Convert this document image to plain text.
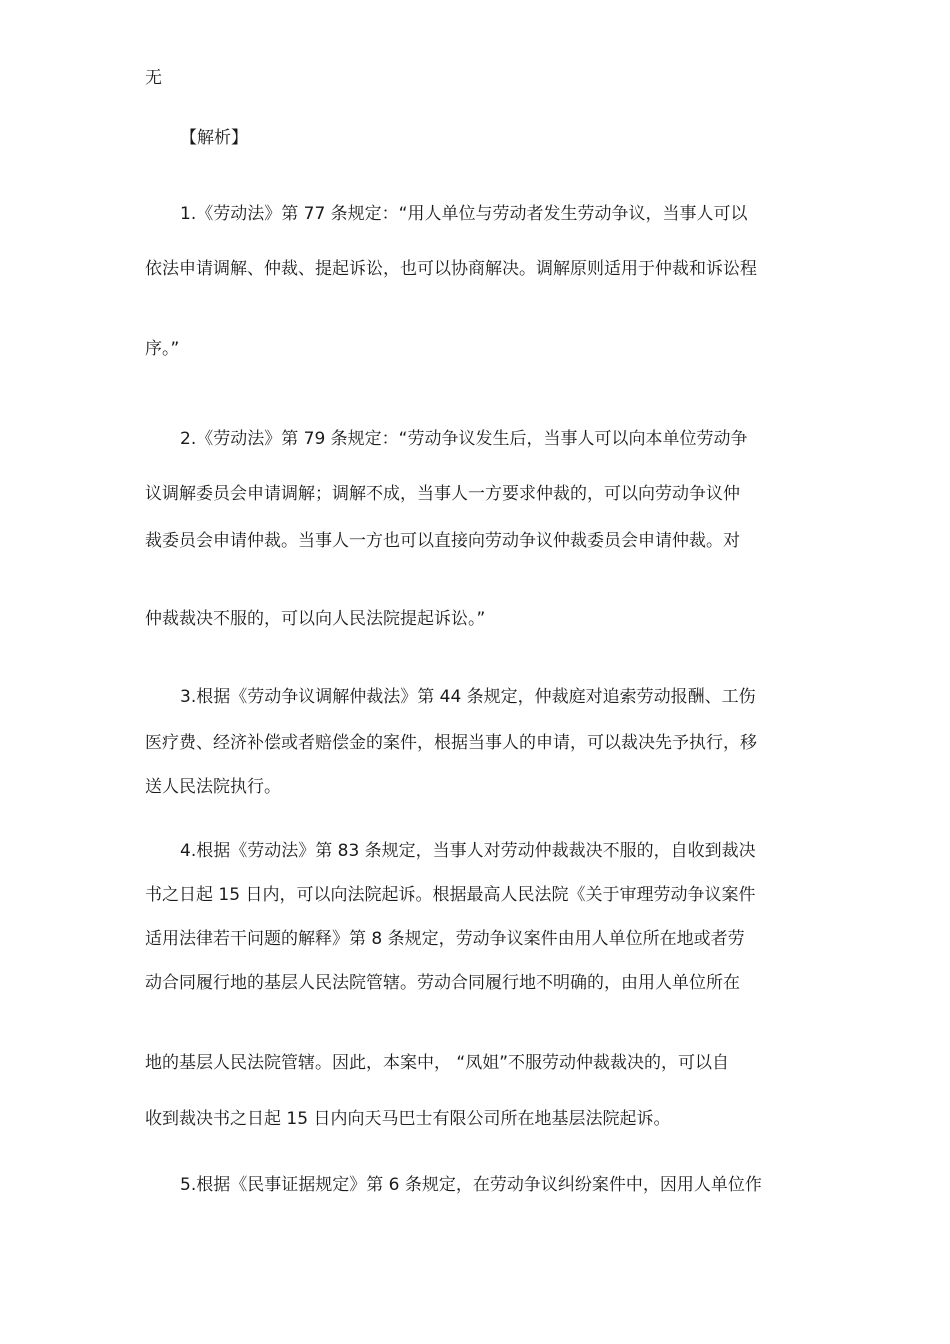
无
【解析】
1.《劳动法》第 77 条规定：“用人单位与劳动者发生劳动争议，当事人可以
依法申请调解、仲裁、提起诉讼，也可以协商解决。调解原则适用于仲裁和诉讼程
序。”
2.《劳动法》第 79 条规定：“劳动争议发生后，当事人可以向本单位劳动争
议调解委员会申请调解；调解不成，当事人一方要求仲裁的，可以向劳动争议仲
裁委员会申请仲裁。当事人一方也可以直接向劳动争议仲裁委员会申请仲裁。对
仲裁裁决不服的，可以向人民法院提起诉讼。”
3.根据《劳动争议调解仲裁法》第 44 条规定，仲裁庭对追索劳动报酬、工伤
医疗费、经济补偿或者赔偿金的案件，根据当事人的申请，可以裁决先予执行，移
送人民法院执行。
4.根据《劳动法》第 83 条规定，当事人对劳动仲裁裁决不服的，自收到裁决
书之日起 15 日内，可以向法院起诉。根据最高人民法院《关于审理劳动争议案件
适用法律若干问题的解释》第 8 条规定，劳动争议案件由用人单位所在地或者劳
动合同履行地的基层人民法院管辖。劳动合同履行地不明确的，由用人单位所在
地的基层人民法院管辖。因此，本案中， “凤姐”不服劳动仲裁裁决的，可以自
收到裁决书之日起 15 日内向天马巴士有限公司所在地基层法院起诉。
5.根据《民事证据规定》第 6 条规定，在劳动争议纠纷案件中，因用人单位作
